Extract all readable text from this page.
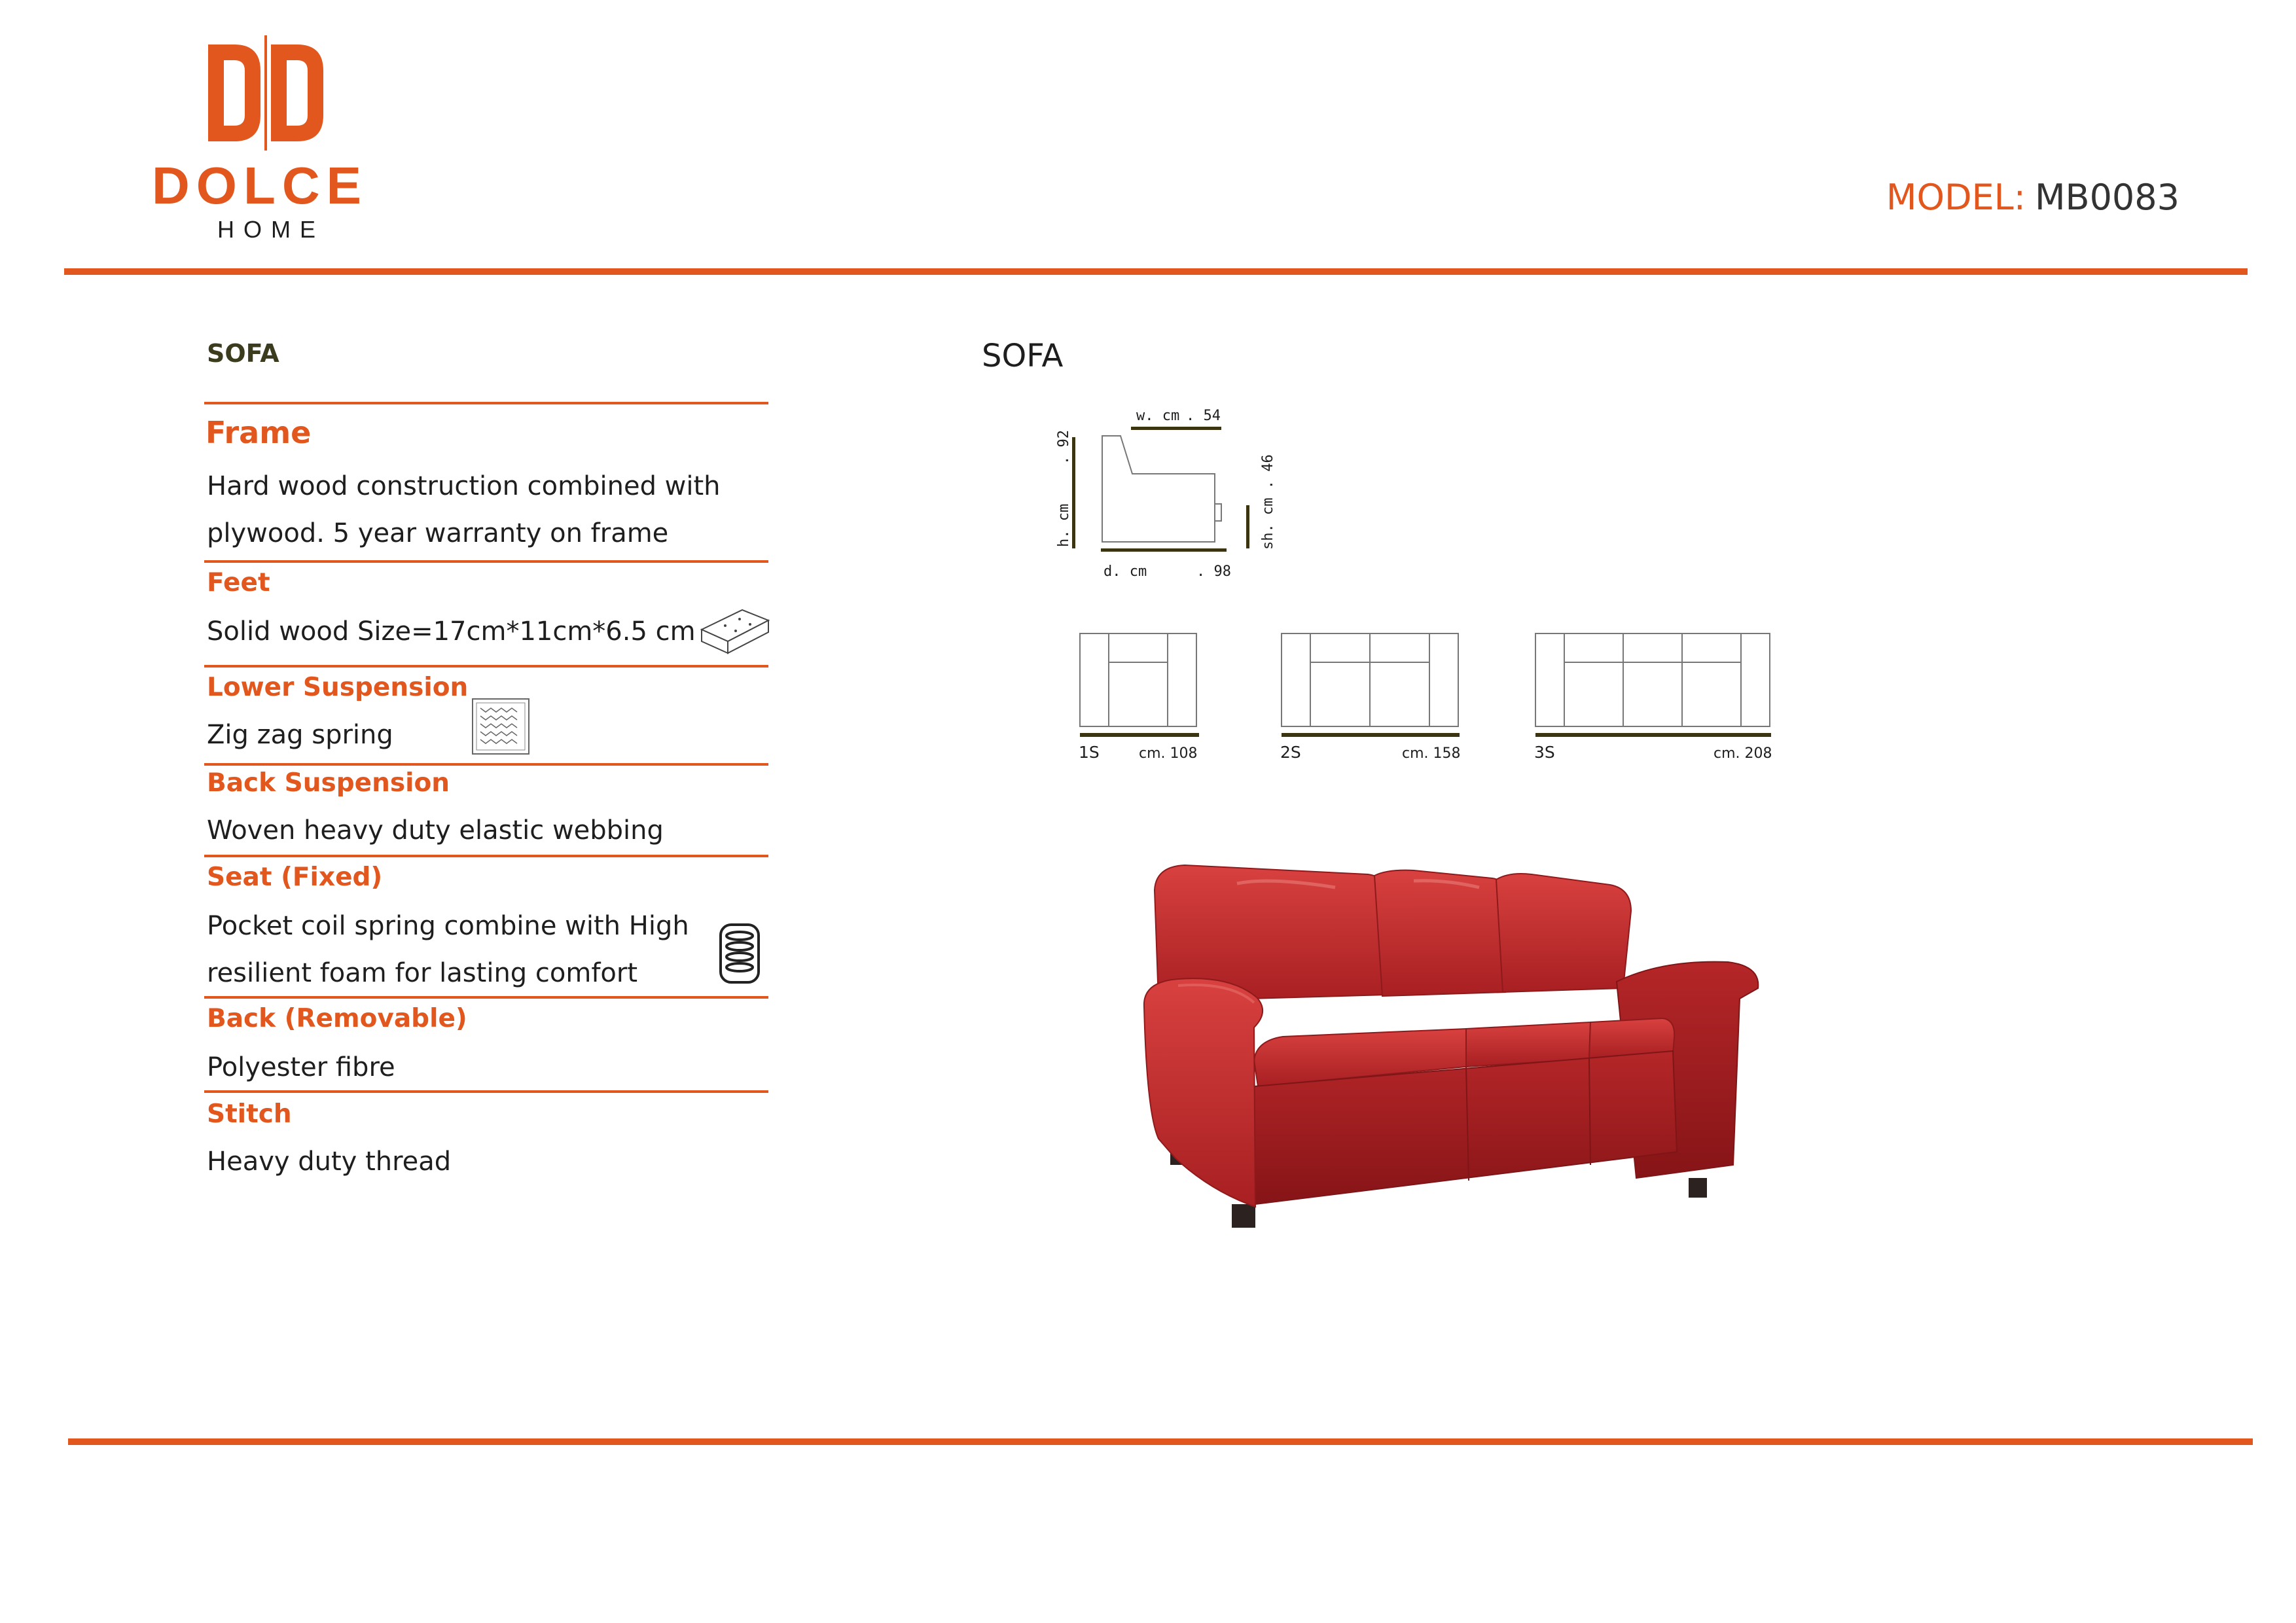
DOLCE
HOME
MODEL: MB0083
SOFA
Frame
Hard wood construction combined with
plywood. 5 year warranty on frame
Feet
Solid wood Size=17cm*11cm*6.5 cm
Lower Suspension
Zig zag spring
Back Suspension
Woven heavy duty elastic webbing
Seat (Fixed)
Pocket coil spring combine with High
resilient foam for lasting comfort
Back (Removable)
Polyester fibre
Stitch
Heavy duty thread
SOFA
w. cm . 54
d. cm	. 98
h. cm
. 92
sh. cm . 46
1S	cm. 108	2S	cm. 158	3S	cm. 208
